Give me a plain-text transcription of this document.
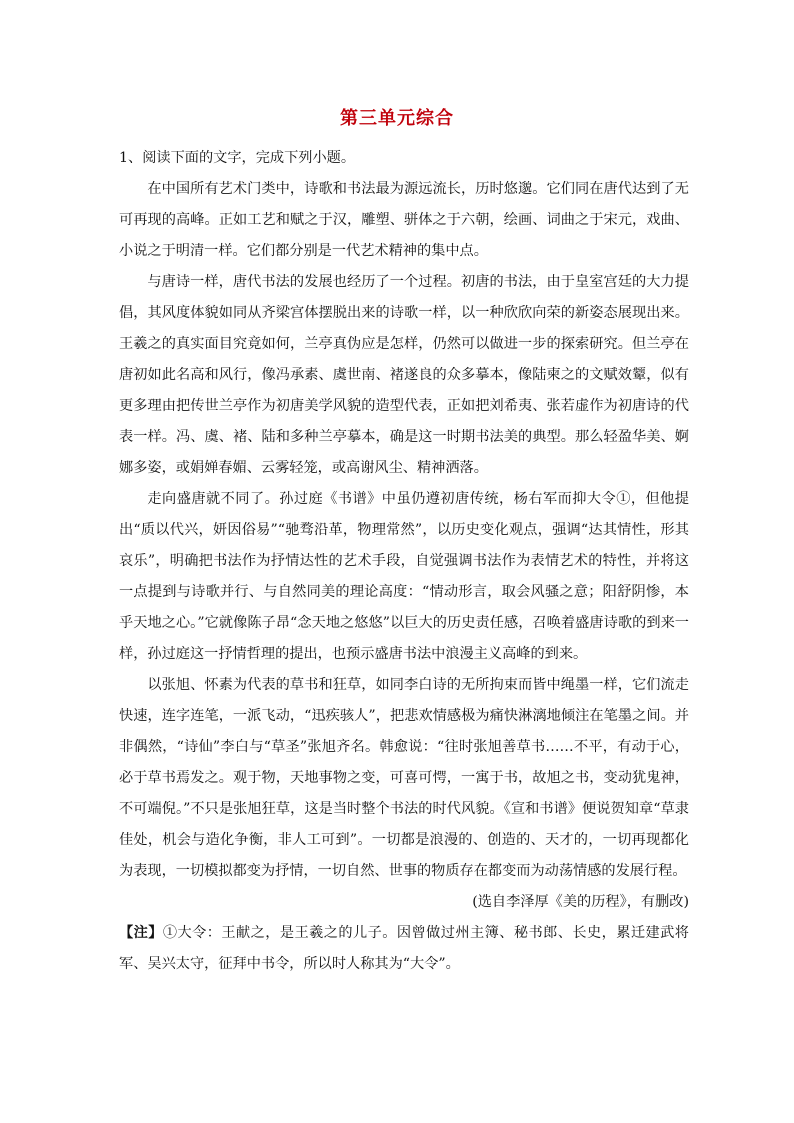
第三单元综合

1、阅读下面的文字，完成下列小题。

在中国所有艺术门类中，诗歌和书法最为源远流长，历时悠邈。它们同在唐代达到了无可再现的高峰。正如工艺和赋之于汉，雕塑、骈体之于六朝，绘画、词曲之于宋元，戏曲、小说之于明清一样。它们都分别是一代艺术精神的集中点。

与唐诗一样，唐代书法的发展也经历了一个过程。初唐的书法，由于皇室宫廷的大力提倡，其风度体貌如同从齐梁宫体摆脱出来的诗歌一样，以一种欣欣向荣的新姿态展现出来。王羲之的真实面目究竟如何，兰亭真伪应是怎样，仍然可以做进一步的探索研究。但兰亭在唐初如此名高和风行，像冯承素、虞世南、褚遂良的众多摹本，像陆柬之的文赋效颦，似有更多理由把传世兰亭作为初唐美学风貌的造型代表，正如把刘希夷、张若虚作为初唐诗的代表一样。冯、虞、褚、陆和多种兰亭摹本，确是这一时期书法美的典型。那么轻盈华美、婀娜多姿，或娟婵春媚、云雾轻笼，或高谢风尘、精神洒落。

走向盛唐就不同了。孙过庭《书谱》中虽仍遵初唐传统，杨右军而抑大令①，但他提出“质以代兴，妍因俗易”“驰骛沿革，物理常然”，以历史变化观点，强调“达其情性，形其哀乐”，明确把书法作为抒情达性的艺术手段，自觉强调书法作为表情艺术的特性，并将这一点提到与诗歌并行、与自然同美的理论高度：“情动形言，取会风骚之意；阳舒阴惨，本乎天地之心。”它就像陈子昂“念天地之悠悠”以巨大的历史责任感，召唤着盛唐诗歌的到来一样，孙过庭这一抒情哲理的提出，也预示盛唐书法中浪漫主义高峰的到来。

以张旭、怀素为代表的草书和狂草，如同李白诗的无所拘束而皆中绳墨一样，它们流走快速，连字连笔，一派飞动，“迅疾骇人”，把悲欢情感极为痛快淋漓地倾注在笔墨之间。并非偶然，“诗仙”李白与“草圣”张旭齐名。韩愈说：“往时张旭善草书……不平，有动于心，必于草书焉发之。观于物，天地事物之变，可喜可愕，一寓于书，故旭之书，变动犹鬼神，不可端倪。”不只是张旭狂草，这是当时整个书法的时代风貌。《宣和书谱》便说贺知章“草隶佳处，机会与造化争衡，非人工可到”。一切都是浪漫的、创造的、天才的，一切再现都化为表现，一切模拟都变为抒情，一切自然、世事的物质存在都变而为动荡情感的发展行程。

(选自李泽厚《美的历程》，有删改)

【注】①大令：王献之，是王羲之的儿子。因曾做过州主簿、秘书郎、长史，累迁建武将军、吴兴太守，征拜中书令，所以时人称其为“大令”。
